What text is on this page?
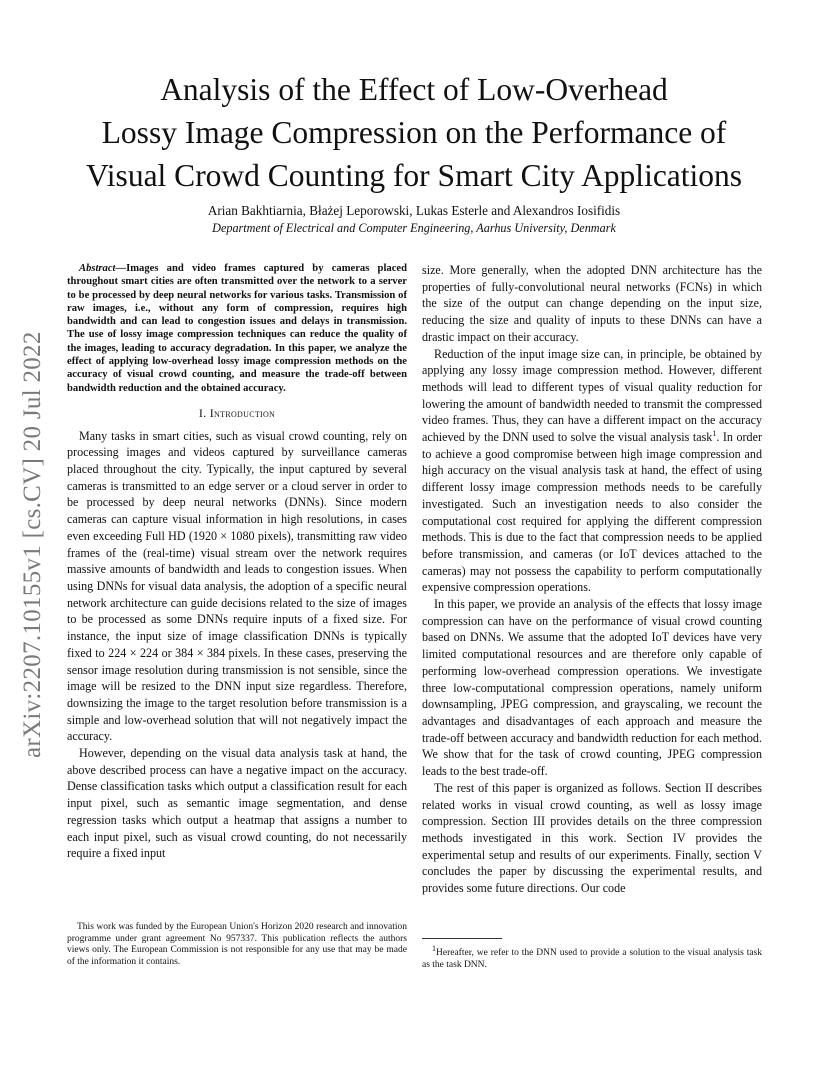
Analysis of the Effect of Low-Overhead
Lossy Image Compression on the Performance of
Visual Crowd Counting for Smart City Applications
Arian Bakhtiarnia, Błażej Leporowski, Lukas Esterle and Alexandros Iosifidis
Department of Electrical and Computer Engineering, Aarhus University, Denmark
arXiv:2207.10155v1 [cs.CV] 20 Jul 2022

Abstract—Images and video frames captured by cameras placed throughout smart cities are often transmitted over the network to a server to be processed by deep neural networks for various tasks. Transmission of raw images, i.e., without any form of compression, requires high bandwidth and can lead to congestion issues and delays in transmission. The use of lossy image compression techniques can reduce the quality of the images, leading to accuracy degradation. In this paper, we analyze the effect of applying low-overhead lossy image compression methods on the accuracy of visual crowd counting, and measure the trade-off between bandwidth reduction and the obtained accuracy.

I. Introduction

Many tasks in smart cities, such as visual crowd counting, rely on processing images and videos captured by surveillance cameras placed throughout the city. Typically, the input captured by several cameras is transmitted to an edge server or a cloud server in order to be processed by deep neural networks (DNNs). Since modern cameras can capture visual information in high resolutions, in cases even exceeding Full HD (1920 × 1080 pixels), transmitting raw video frames of the (real-time) visual stream over the network requires massive amounts of bandwidth and leads to congestion issues. When using DNNs for visual data analysis, the adoption of a specific neural network architecture can guide decisions related to the size of images to be processed as some DNNs require inputs of a fixed size. For instance, the input size of image classification DNNs is typically fixed to 224 × 224 or 384 × 384 pixels. In these cases, preserving the sensor image resolution during transmission is not sensible, since the image will be resized to the DNN input size regardless. Therefore, downsizing the image to the target resolution before transmission is a simple and low-overhead solution that will not negatively impact the accuracy.

However, depending on the visual data analysis task at hand, the above described process can have a negative impact on the accuracy. Dense classification tasks which output a classification result for each input pixel, such as semantic image segmentation, and dense regression tasks which output a heatmap that assigns a number to each input pixel, such as visual crowd counting, do not necessarily require a fixed input

size. More generally, when the adopted DNN architecture has the properties of fully-convolutional neural networks (FCNs) in which the size of the output can change depending on the input size, reducing the size and quality of inputs to these DNNs can have a drastic impact on their accuracy.

Reduction of the input image size can, in principle, be obtained by applying any lossy image compression method. However, different methods will lead to different types of visual quality reduction for lowering the amount of bandwidth needed to transmit the compressed video frames. Thus, they can have a different impact on the accuracy achieved by the DNN used to solve the visual analysis task$^1$. In order to achieve a good compromise between high image compression and high accuracy on the visual analysis task at hand, the effect of using different lossy image compression methods needs to be carefully investigated. Such an investigation needs to also consider the computational cost required for applying the different compression methods. This is due to the fact that compression needs to be applied before transmission, and cameras (or IoT devices attached to the cameras) may not possess the capability to perform computationally expensive compression operations.

In this paper, we provide an analysis of the effects that lossy image compression can have on the performance of visual crowd counting based on DNNs. We assume that the adopted IoT devices have very limited computational resources and are therefore only capable of performing low-overhead compression operations. We investigate three low-computational compression operations, namely uniform downsampling, JPEG compression, and grayscaling, we recount the advantages and disadvantages of each approach and measure the trade-off between accuracy and bandwidth reduction for each method. We show that for the task of crowd counting, JPEG compression leads to the best trade-off.

The rest of this paper is organized as follows. Section II describes related works in visual crowd counting, as well as lossy image compression. Section III provides details on the three compression methods investigated in this work. Section IV provides the experimental setup and results of our experiments. Finally, section V concludes the paper by discussing the experimental results, and provides some future directions. Our code

This work was funded by the European Union's Horizon 2020 research and innovation programme under grant agreement No 957337. This publication reflects the authors views only. The European Commission is not responsible for any use that may be made of the information it contains.
$^1$Hereafter, we refer to the DNN used to provide a solution to the visual analysis task as the task DNN.
